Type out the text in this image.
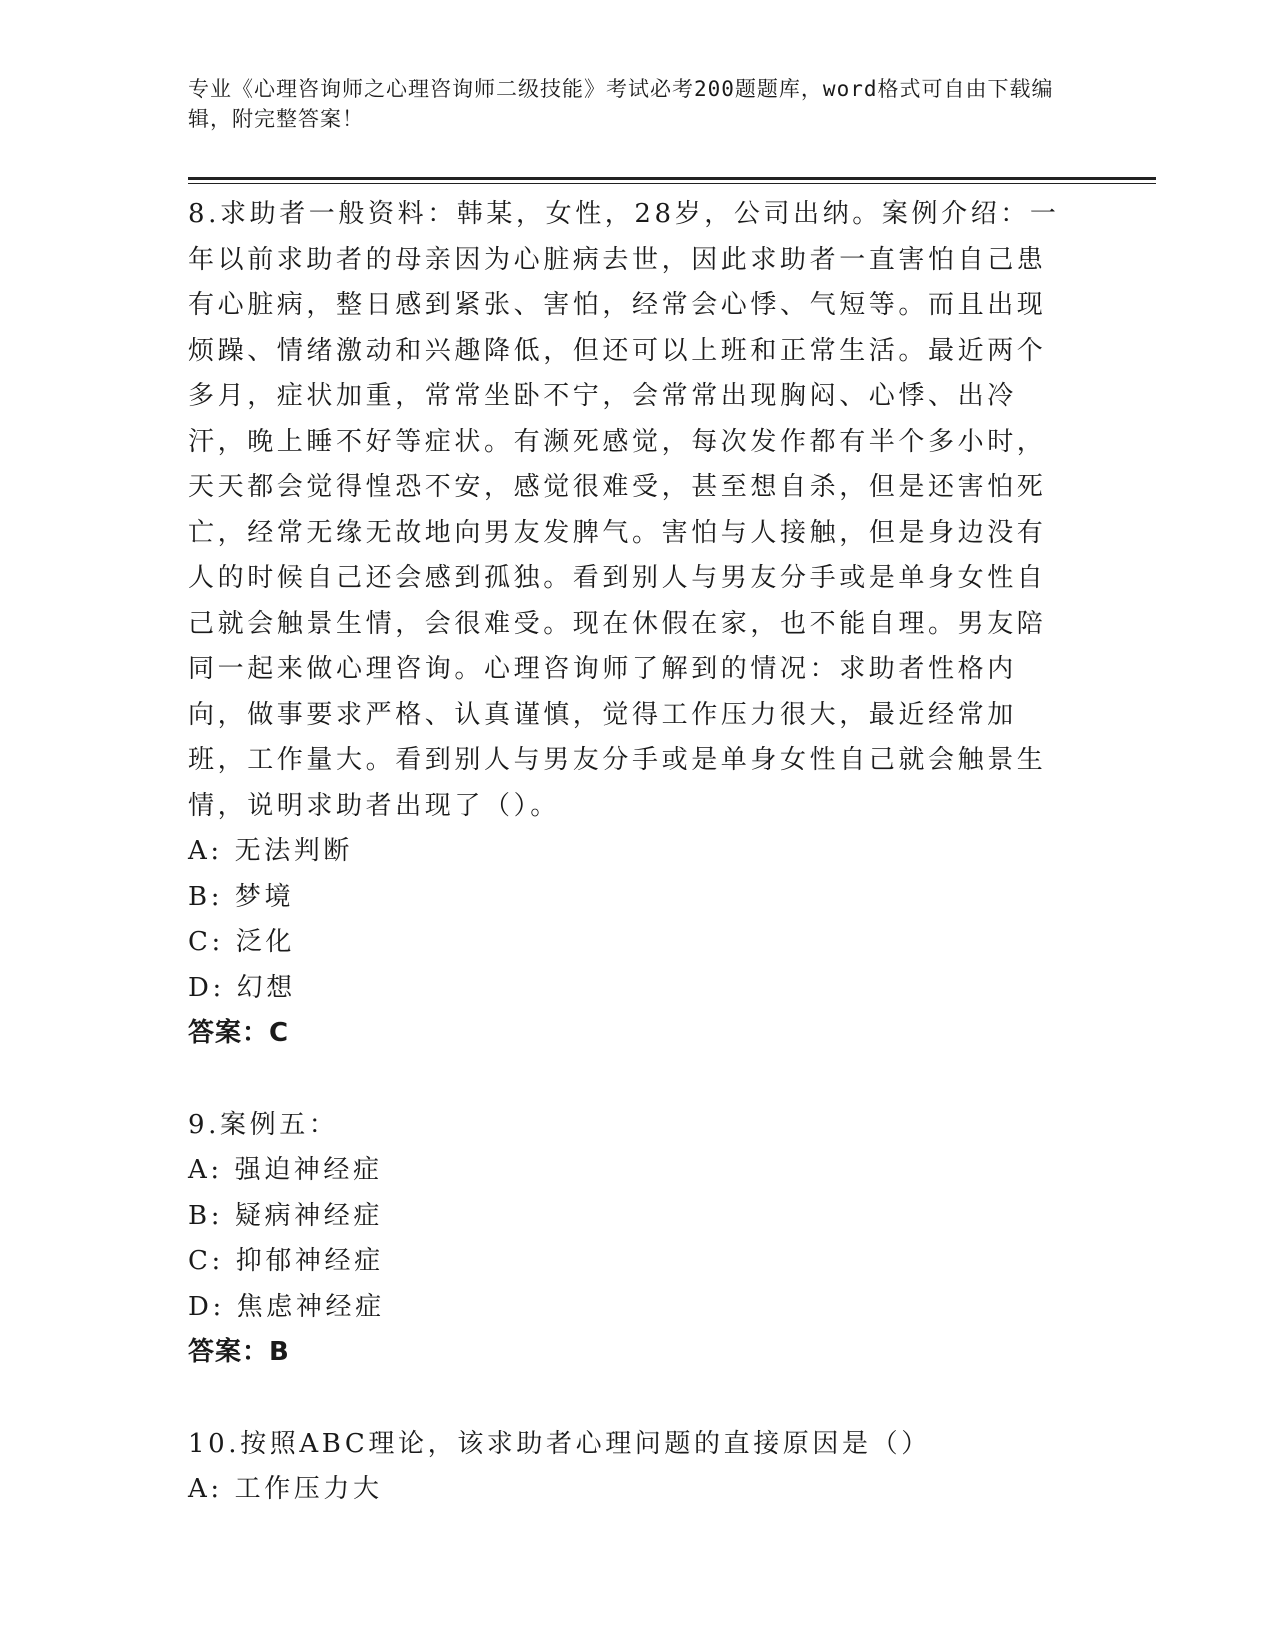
专业《心理咨询师之心理咨询师二级技能》考试必考200题题库，word格式可自由下载编辑，附完整答案！

8.求助者一般资料：韩某，女性，28岁，公司出纳。案例介绍：一年以前求助者的母亲因为心脏病去世，因此求助者一直害怕自己患有心脏病，整日感到紧张、害怕，经常会心悸、气短等。而且出现烦躁、情绪激动和兴趣降低，但还可以上班和正常生活。最近两个多月，症状加重，常常坐卧不宁，会常常出现胸闷、心悸、出冷汗，晚上睡不好等症状。有濒死感觉，每次发作都有半个多小时，天天都会觉得惶恐不安，感觉很难受，甚至想自杀，但是还害怕死亡，经常无缘无故地向男友发脾气。害怕与人接触，但是身边没有人的时候自己还会感到孤独。看到别人与男友分手或是单身女性自己就会触景生情，会很难受。现在休假在家，也不能自理。男友陪同一起来做心理咨询。心理咨询师了解到的情况：求助者性格内向，做事要求严格、认真谨慎，觉得工作压力很大，最近经常加班，工作量大。看到别人与男友分手或是单身女性自己就会触景生情，说明求助者出现了（）。

A: 无法判断

B: 梦境

C: 泛化

D: 幻想

答案：C

9.案例五：

A: 强迫神经症

B: 疑病神经症

C: 抑郁神经症

D: 焦虑神经症

答案：B

10.按照ABC理论，该求助者心理问题的直接原因是（）

A: 工作压力大
